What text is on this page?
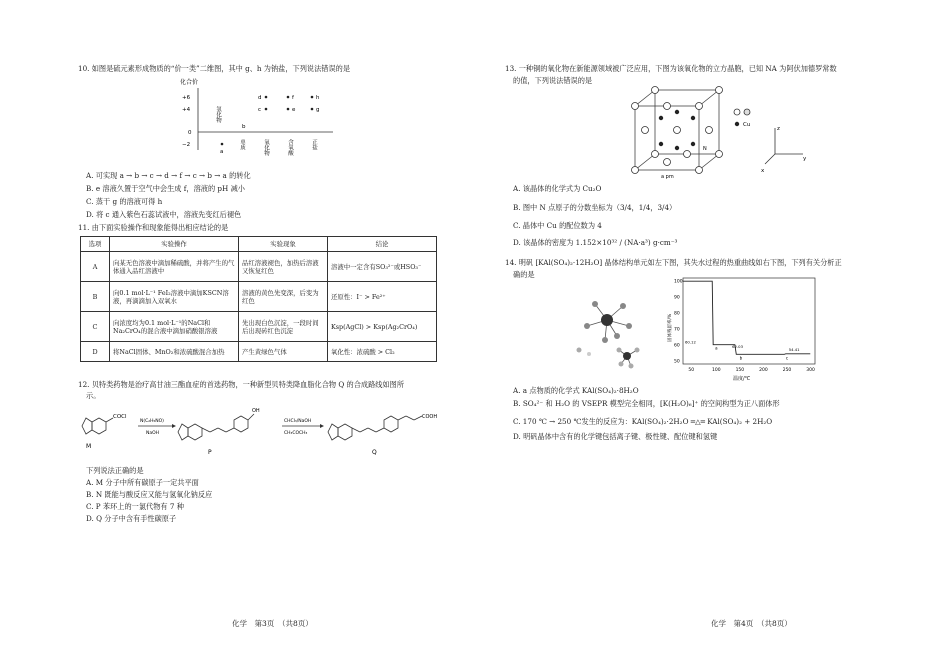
10. 如图是硫元素形成物质的“价一类”二维图，其中 g、h 为钠盐，下列说法错误的是
化合价
+6
+4
0
−2
氢化物
单质	氧化物	含氧酸	正盐
a
b
c
d
e
f
g
h
A. 可实现 a → b → c → d → f → c → b → a 的转化
B. e 溶液久置于空气中会生成 f，溶液的 pH 减小
C. 蒸干 g 的溶液可得 h
D. 将 c 通入紫色石蕊试液中，溶液先变红后褪色
11. 由下面实验操作和现象能得出相应结论的是
选项	实验操作	实验现象	结论
A	向某无色溶液中滴加稀硫酸，并将产生的气体通入品红溶液中	品红溶液褪色，加热后溶液又恢复红色	溶液中一定含有SO₃²⁻或HSO₃⁻
B	向0.1 mol·L⁻¹ FeI₂溶液中滴加KSCN溶液，再滴滴加入双氧水	溶液的黄色先变深，后变为红色	还原性：I⁻ > Fe²⁺
C	向浓度均为0.1 mol·L⁻¹的NaCl和Na₂CrO₄的混合液中滴加硝酸银溶液	先出现白色沉淀，一段时间后出现砖红色沉淀	Ksp(AgCl) > Ksp(Ag₂CrO₄)
D	将NaCl固体、MnO₂和浓硫酸混合加热	产生黄绿色气体	氧化性：浓硫酸 > Cl₂
12. 贝特类药物是治疗高甘油三酯血症的首选药物，一种新型贝特类降血脂化合物 Q 的合成路线如图所
示。
COCl
M
N(C₂H₅NO)
NaOH
OH
P
CHCl₃/NaOH
CH₃COCH₃
COOH
Q
下列说法正确的是
A. M 分子中所有碳原子一定共平面
B. N 既能与酸反应又能与氢氧化钠反应
C. P 苯环上的一氯代物有 7 种
D. Q 分子中含有手性碳原子
化学　第3页　（共8页）
13. 一种铜的氧化物在新能源领域被广泛应用，下图为该氧化物的立方晶胞，已知 NA 为阿伏加德罗常数
的值，下列说法错误的是
N
a pm
Cu
z
y
x
A. 该晶体的化学式为 Cu₂O
B. 图中 N 点原子的分数坐标为（3/4，1/4，3/4）
C. 晶体中 Cu 的配位数为 4
D. 该晶体的密度为 1.152×10³² / (NA·a³) g·cm⁻³
14. 明矾 [KAl(SO₄)₂·12H₂O] 晶体结构单元如左下图，其失水过程的热重曲线如右下图，下列有关分析正
确的是
固体残留率/%
温度/℃
50	100	150	200	250	300
100
90
80
70
60
50
60.12
62.03
54.41
a
b	c
A. a 点物质的化学式 KAl(SO₄)₂·8H₂O
B. SO₄²⁻ 和 H₂O 的 VSEPR 模型完全相同，[K(H₂O)₆]⁺ 的空间构型为正八面体形
C. 170 ℃ → 250 ℃发生的反应为：KAl(SO₄)₂·2H₂O ═△═ KAl(SO₄)₂ + 2H₂O
D. 明矾晶体中含有的化学键包括离子键、极性键、配位键和氢键
化学　第4页　（共8页）
